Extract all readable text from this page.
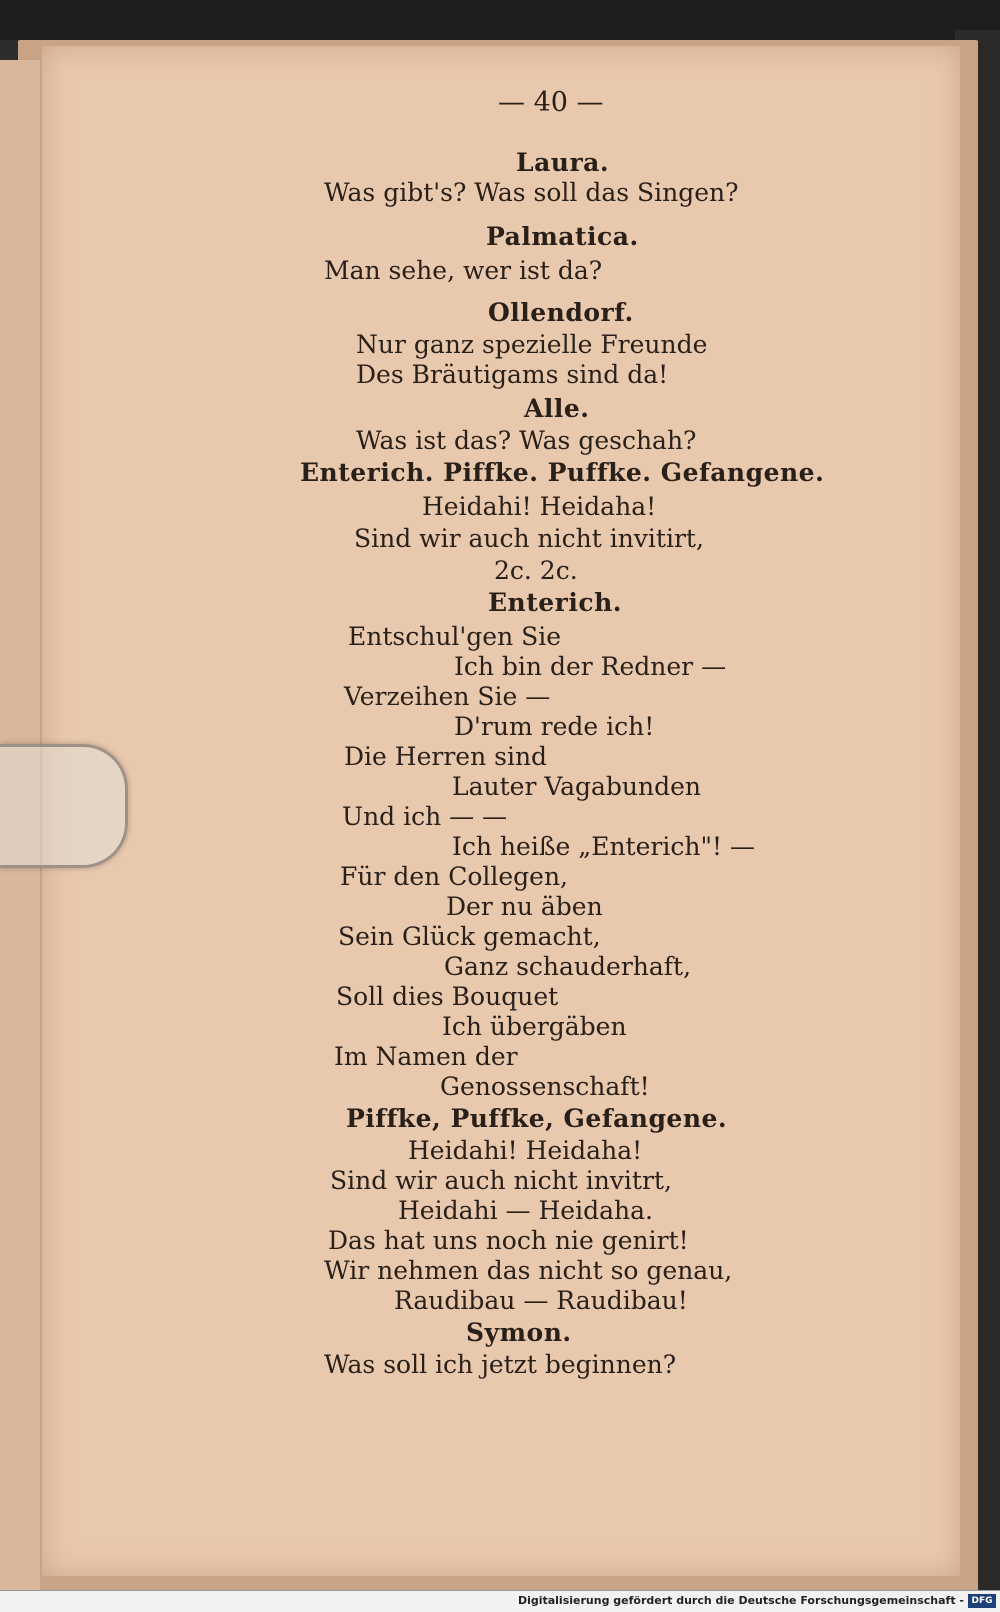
— 40 —
Laura.
Was gibt's? Was soll das Singen?
Palmatica.
Man sehe, wer ist da?
Ollendorf.
Nur ganz spezielle Freunde
Des Bräutigams sind da!
Alle.
Was ist das? Was geschah?
Enterich. Piffke. Puffke. Gefangene.
Heidahi! Heidaha!
Sind wir auch nicht invitirt,
2c. 2c.
Enterich.
Entschul'gen Sie
Ich bin der Redner —
Verzeihen Sie —
D'rum rede ich!
Die Herren sind
Lauter Vagabunden
Und ich — —
Ich heiße „Enterich"! —
Für den Collegen,
Der nu äben
Sein Glück gemacht,
Ganz schauderhaft,
Soll dies Bouquet
Ich übergäben
Im Namen der
Genossenschaft!
Piffke, Puffke, Gefangene.
Heidahi! Heidaha!
Sind wir auch nicht invitrt,
Heidahi — Heidaha.
Das hat uns noch nie genirt!
Wir nehmen das nicht so genau,
Raudibau — Raudibau!
Symon.
Was soll ich jetzt beginnen?
Digitalisierung gefördert durch die Deutsche Forschungsgemeinschaft - DFG
